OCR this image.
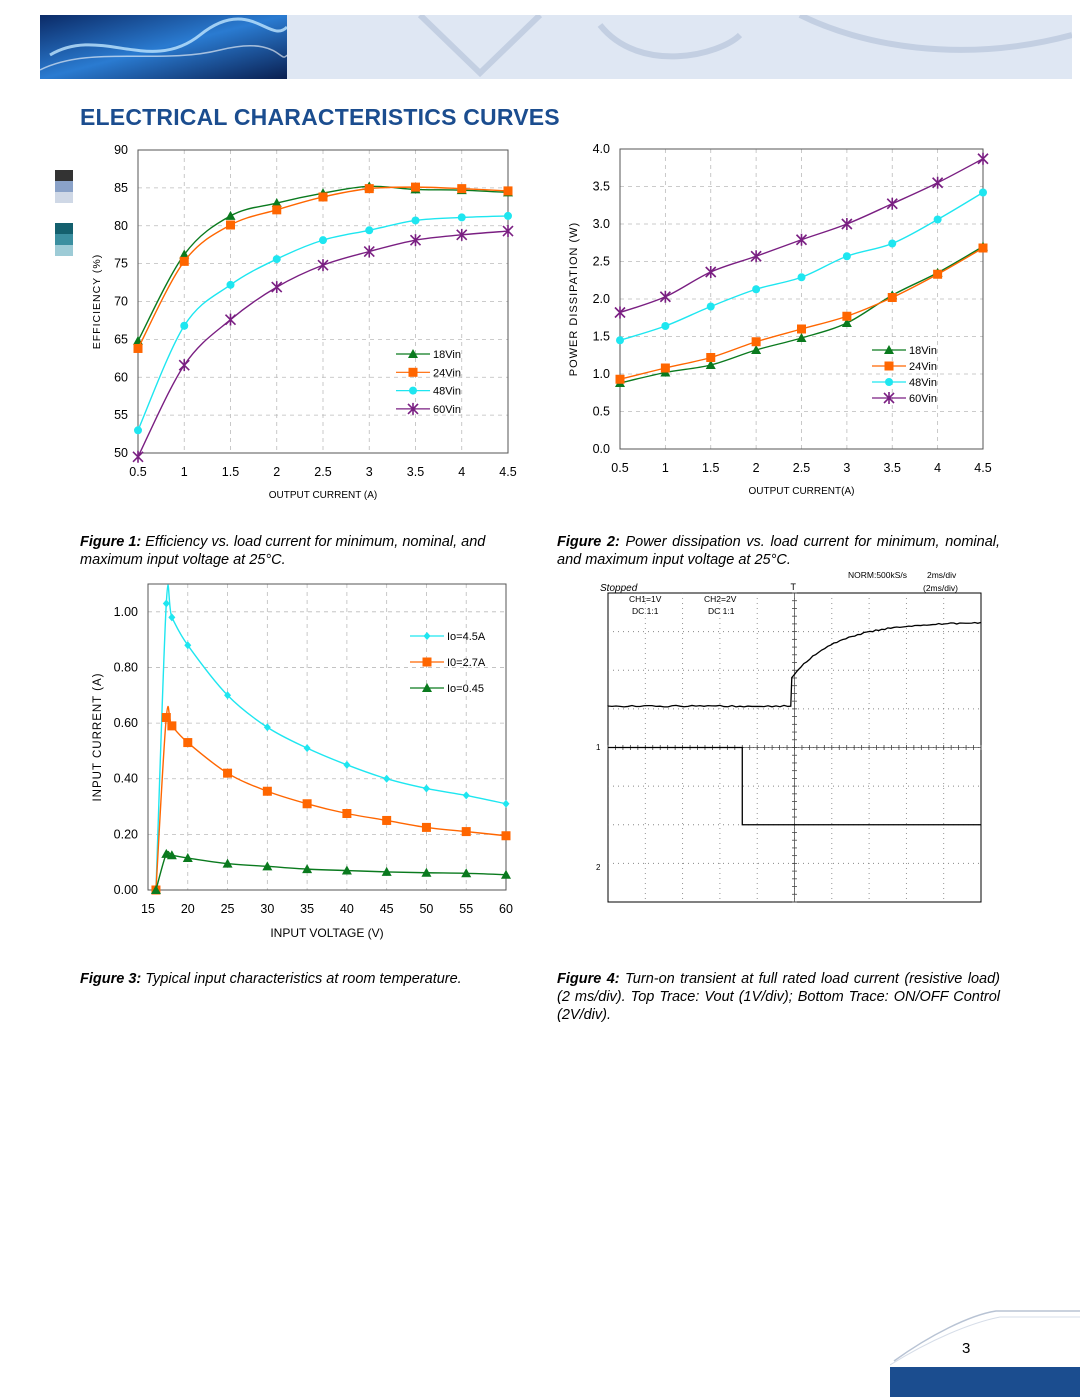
ELECTRICAL CHARACTERISTICS CURVES
0.5	1	1.5	2	2.5	3	3.5	4	4.5
50
55
60
65
70
75
80
85
90
OUTPUT CURRENT (A)
EFFICIENCY (%)
18Vin
24Vin
48Vin
60Vin
0.5	1	1.5	2	2.5	3	3.5	4	4.5
0.0
0.5
1.0
1.5
2.0
2.5
3.0
3.5
4.0
OUTPUT CURRENT(A)
POWER DISSIPATION (W)	18Vin
24Vin
48Vin
60Vin
15 20 25 30 35 40 45 50 55 60
0.00
0.20
0.40
0.60
0.80
1.00
INPUT VOLTAGE (V)
INPUT CURRENT (A)
Io=4.5A
I0=2.7A
Io=0.45
Stopped
NORM:500kS/s 2ms/div
(2ms/div)
CH1=1V
DC 1:1
CH2=2V
DC 1:1
T
1
2
Figure 1: Efficiency vs. load current for minimum, nominal, and maximum input voltage at 25°C.
Figure 2: Power dissipation vs. load current for minimum, nominal, and maximum input voltage at 25°C.
Figure 3: Typical input characteristics at room temperature.	Figure 4: Turn-on transient at full rated load current (resistive load) (2 ms/div). Top Trace: Vout (1V/div); Bottom Trace: ON/OFF Control (2V/div).
3
